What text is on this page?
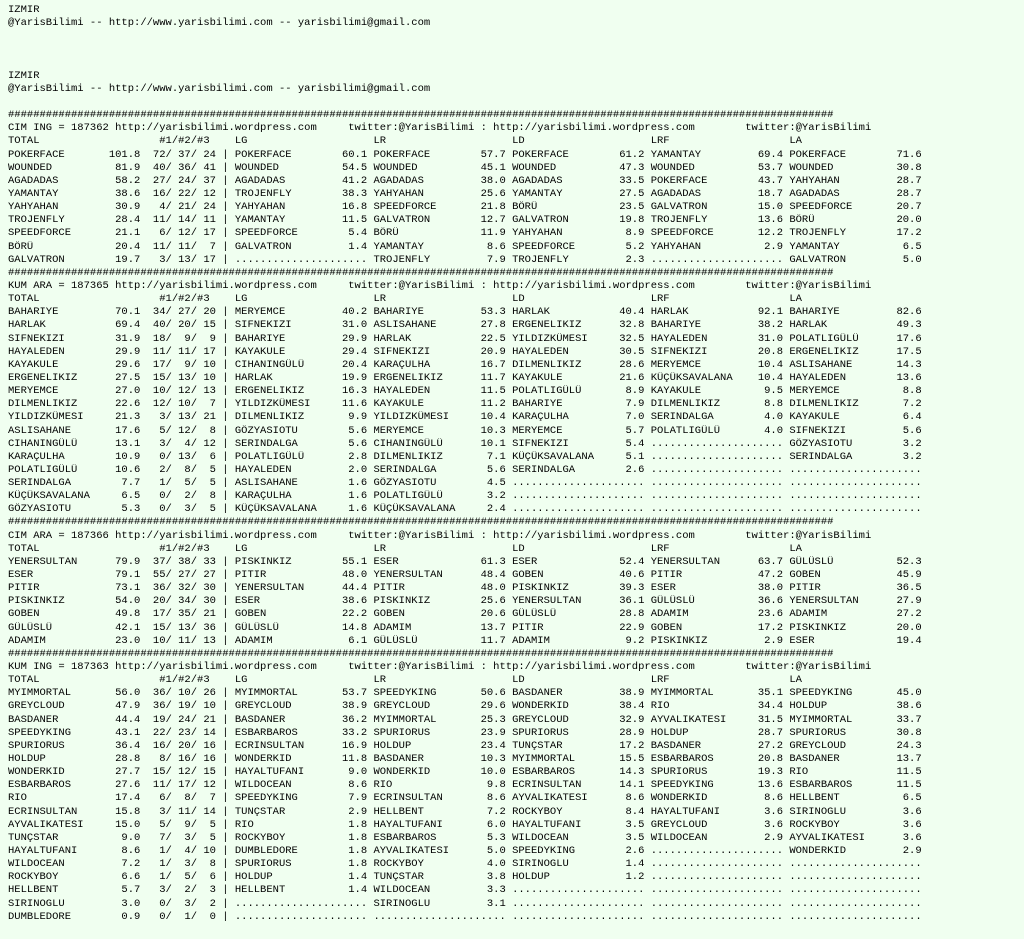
IZMIR
@YarisBilimi -- http://www.yarisbilimi.com -- yarisbilimi@gmail.com
IZMIR
@YarisBilimi -- http://www.yarisbilimi.com -- yarisbilimi@gmail.com
###################################################################################################################################
CIM ING = 187362 http://yarisbilimi.wordpress.com     twitter:@YarisBilimi : http://yarisbilimi.wordpress.com        twitter:@YarisBilimi
TOTAL                   #1/#2/#3    LG                    LR                    LD                    LRF                   LA
POKERFACE       101.8  72/ 37/ 24 | POKERFACE        60.1 POKERFACE        57.7 POKERFACE        61.2 YAMANTAY         69.4 POKERFACE        71.6
WOUNDED          81.9  40/ 36/ 41 | WOUNDED          54.5 WOUNDED          45.1 WOUNDED          47.3 WOUNDED          53.7 WOUNDED          30.8
AGADADAS         58.2  27/ 24/ 37 | AGADADAS         41.2 AGADADAS         38.0 AGADADAS         33.5 POKERFACE        43.7 YAHYAHAN         28.7
YAMANTAY         38.6  16/ 22/ 12 | TROJENFLY        38.3 YAHYAHAN         25.6 YAMANTAY         27.5 AGADADAS         18.7 AGADADAS         28.7
YAHYAHAN         30.9   4/ 21/ 24 | YAHYAHAN         16.8 SPEEDFORCE       21.8 BÖRÜ             23.5 GALVATRON        15.0 SPEEDFORCE       20.7
TROJENFLY        28.4  11/ 14/ 11 | YAMANTAY         11.5 GALVATRON        12.7 GALVATRON        19.8 TROJENFLY        13.6 BÖRÜ             20.0
SPEEDFORCE       21.1   6/ 12/ 17 | SPEEDFORCE        5.4 BÖRÜ             11.9 YAHYAHAN          8.9 SPEEDFORCE       12.2 TROJENFLY        17.2
BÖRÜ             20.4  11/ 11/  7 | GALVATRON         1.4 YAMANTAY          8.6 SPEEDFORCE        5.2 YAHYAHAN          2.9 YAMANTAY          6.5
GALVATRON        19.7   3/ 13/ 17 | ..................... TROJENFLY         7.9 TROJENFLY         2.3 ..................... GALVATRON         5.0
###################################################################################################################################
KUM ARA = 187365 http://yarisbilimi.wordpress.com     twitter:@YarisBilimi : http://yarisbilimi.wordpress.com        twitter:@YarisBilimi
TOTAL                   #1/#2/#3    LG                    LR                    LD                    LRF                   LA
BAHARIYE         70.1  34/ 27/ 20 | MERYEMCE         40.2 BAHARIYE         53.3 HARLAK           40.4 HARLAK           92.1 BAHARIYE         82.6
HARLAK           69.4  40/ 20/ 15 | SIFNEKIZI        31.0 ASLISAHANE       27.8 ERGENELIKIZ      32.8 BAHARIYE         38.2 HARLAK           49.3
SIFNEKIZI        31.9  18/  9/  9 | BAHARIYE         29.9 HARLAK           22.5 YILDIZKÜMESI     32.5 HAYALEDEN        31.0 POLATLIGÜLÜ      17.6
HAYALEDEN        29.9  11/ 11/ 17 | KAYAKULE         29.4 SIFNEKIZI        20.9 HAYALEDEN        30.5 SIFNEKIZI        20.8 ERGENELIKIZ      17.5
KAYAKULE         29.6  17/  9/ 10 | CIHANINGÜLÜ      20.4 KARAÇULHA        16.7 DILMENLIKIZ      28.6 MERYEMCE         10.4 ASLISAHANE       14.3
ERGENELIKIZ      27.5  15/ 13/ 10 | HARLAK           19.9 ERGENELIKIZ      11.7 KAYAKULE         21.6 KÜÇÜKSAVALANA    10.4 HAYALEDEN        13.6
MERYEMCE         27.0  10/ 12/ 13 | ERGENELIKIZ      16.3 HAYALEDEN        11.5 POLATLIGÜLÜ       8.9 KAYAKULE          9.5 MERYEMCE          8.8
DILMENLIKIZ      22.6  12/ 10/  7 | YILDIZKÜMESI     11.6 KAYAKULE         11.2 BAHARIYE          7.9 DILMENLIKIZ       8.8 DILMENLIKIZ       7.2
YILDIZKÜMESI     21.3   3/ 13/ 21 | DILMENLIKIZ       9.9 YILDIZKÜMESI     10.4 KARAÇULHA         7.0 SERINDALGA        4.0 KAYAKULE          6.4
ASLISAHANE       17.6   5/ 12/  8 | GÖZYASIOTU        5.6 MERYEMCE         10.3 MERYEMCE          5.7 POLATLIGÜLÜ       4.0 SIFNEKIZI         5.6
CIHANINGÜLÜ      13.1   3/  4/ 12 | SERINDALGA        5.6 CIHANINGÜLÜ      10.1 SIFNEKIZI         5.4 ..................... GÖZYASIOTU        3.2
KARAÇULHA        10.9   0/ 13/  6 | POLATLIGÜLÜ       2.8 DILMENLIKIZ       7.1 KÜÇÜKSAVALANA     5.1 ..................... SERINDALGA        3.2
POLATLIGÜLÜ      10.6   2/  8/  5 | HAYALEDEN         2.0 SERINDALGA        5.6 SERINDALGA        2.6 ..................... .....................
SERINDALGA        7.7   1/  5/  5 | ASLISAHANE        1.6 GÖZYASIOTU        4.5 ..................... ..................... .....................
KÜÇÜKSAVALANA     6.5   0/  2/  8 | KARAÇULHA         1.6 POLATLIGÜLÜ       3.2 ..................... ..................... .....................
GÖZYASIOTU        5.3   0/  3/  5 | KÜÇÜKSAVALANA     1.6 KÜÇÜKSAVALANA     2.4 ..................... ..................... .....................
###################################################################################################################################
CIM ARA = 187366 http://yarisbilimi.wordpress.com     twitter:@YarisBilimi : http://yarisbilimi.wordpress.com        twitter:@YarisBilimi
TOTAL                   #1/#2/#3    LG                    LR                    LD                    LRF                   LA
YENERSULTAN      79.9  37/ 38/ 33 | PISKINKIZ        55.1 ESER             61.3 ESER             52.4 YENERSULTAN      63.7 GÜLÜSLÜ          52.3
ESER             79.1  55/ 27/ 27 | PITIR            48.0 YENERSULTAN      48.4 GOBEN            40.6 PITIR            47.2 GOBEN            45.9
PITIR            73.1  36/ 32/ 30 | YENERSULTAN      44.4 PITIR            48.0 PISKINKIZ        39.3 ESER             38.0 PITIR            36.5
PISKINKIZ        54.0  20/ 34/ 30 | ESER             38.6 PISKINKIZ        25.6 YENERSULTAN      36.1 GÜLÜSLÜ          36.6 YENERSULTAN      27.9
GOBEN            49.8  17/ 35/ 21 | GOBEN            22.2 GOBEN            20.6 GÜLÜSLÜ          28.8 ADAMIM           23.6 ADAMIM           27.2
GÜLÜSLÜ          42.1  15/ 13/ 36 | GÜLÜSLÜ          14.8 ADAMIM           13.7 PITIR            22.9 GOBEN            17.2 PISKINKIZ        20.0
ADAMIM           23.0  10/ 11/ 13 | ADAMIM            6.1 GÜLÜSLÜ          11.7 ADAMIM            9.2 PISKINKIZ         2.9 ESER             19.4
###################################################################################################################################
KUM ING = 187363 http://yarisbilimi.wordpress.com     twitter:@YarisBilimi : http://yarisbilimi.wordpress.com        twitter:@YarisBilimi
TOTAL                   #1/#2/#3    LG                    LR                    LD                    LRF                   LA
MYIMMORTAL       56.0  36/ 10/ 26 | MYIMMORTAL       53.7 SPEEDYKING       50.6 BASDANER         38.9 MYIMMORTAL       35.1 SPEEDYKING       45.0
GREYCLOUD        47.9  36/ 19/ 10 | GREYCLOUD        38.9 GREYCLOUD        29.6 WONDERKID        38.4 RIO              34.4 HOLDUP           38.6
BASDANER         44.4  19/ 24/ 21 | BASDANER         36.2 MYIMMORTAL       25.3 GREYCLOUD        32.9 AYVALIKATESI     31.5 MYIMMORTAL       33.7
SPEEDYKING       43.1  22/ 23/ 14 | ESBARBAROS       33.2 SPURIORUS        23.9 SPURIORUS        28.9 HOLDUP           28.7 SPURIORUS        30.8
SPURIORUS        36.4  16/ 20/ 16 | ECRINSULTAN      16.9 HOLDUP           23.4 TUNÇSTAR         17.2 BASDANER         27.2 GREYCLOUD        24.3
HOLDUP           28.8   8/ 16/ 16 | WONDERKID        11.8 BASDANER         10.3 MYIMMORTAL       15.5 ESBARBAROS       20.8 BASDANER         13.7
WONDERKID        27.7  15/ 12/ 15 | HAYALTUFANI       9.0 WONDERKID        10.0 ESBARBAROS       14.3 SPURIORUS        19.3 RIO              11.5
ESBARBAROS       27.6  11/ 17/ 12 | WILDOCEAN         8.6 RIO               9.8 ECRINSULTAN      14.1 SPEEDYKING       13.6 ESBARBAROS       11.5
RIO              17.4   6/  8/  7 | SPEEDYKING        7.9 ECRINSULTAN       8.6 AYVALIKATESI      8.6 WONDERKID         8.6 HELLBENT          6.5
ECRINSULTAN      15.8   3/ 11/ 14 | TUNÇSTAR          2.9 HELLBENT          7.2 ROCKYBOY          8.4 HAYALTUFANI       3.6 SIRINOGLU         3.6
AYVALIKATESI     15.0   5/  9/  5 | RIO               1.8 HAYALTUFANI       6.0 HAYALTUFANI       3.5 GREYCLOUD         3.6 ROCKYBOY          3.6
TUNÇSTAR          9.0   7/  3/  5 | ROCKYBOY          1.8 ESBARBAROS        5.3 WILDOCEAN         3.5 WILDOCEAN         2.9 AYVALIKATESI      3.6
HAYALTUFANI       8.6   1/  4/ 10 | DUMBLEDORE        1.8 AYVALIKATESI      5.0 SPEEDYKING        2.6 ..................... WONDERKID         2.9
WILDOCEAN         7.2   1/  3/  8 | SPURIORUS         1.8 ROCKYBOY          4.0 SIRINOGLU         1.4 ..................... .....................
ROCKYBOY          6.6   1/  5/  6 | HOLDUP            1.4 TUNÇSTAR          3.8 HOLDUP            1.2 ..................... .....................
HELLBENT          5.7   3/  2/  3 | HELLBENT          1.4 WILDOCEAN         3.3 ..................... ..................... .....................
SIRINOGLU         3.0   0/  3/  2 | ..................... SIRINOGLU         3.1 ..................... ..................... .....................
DUMBLEDORE        0.9   0/  1/  0 | ..................... ..................... ..................... ..................... .....................
